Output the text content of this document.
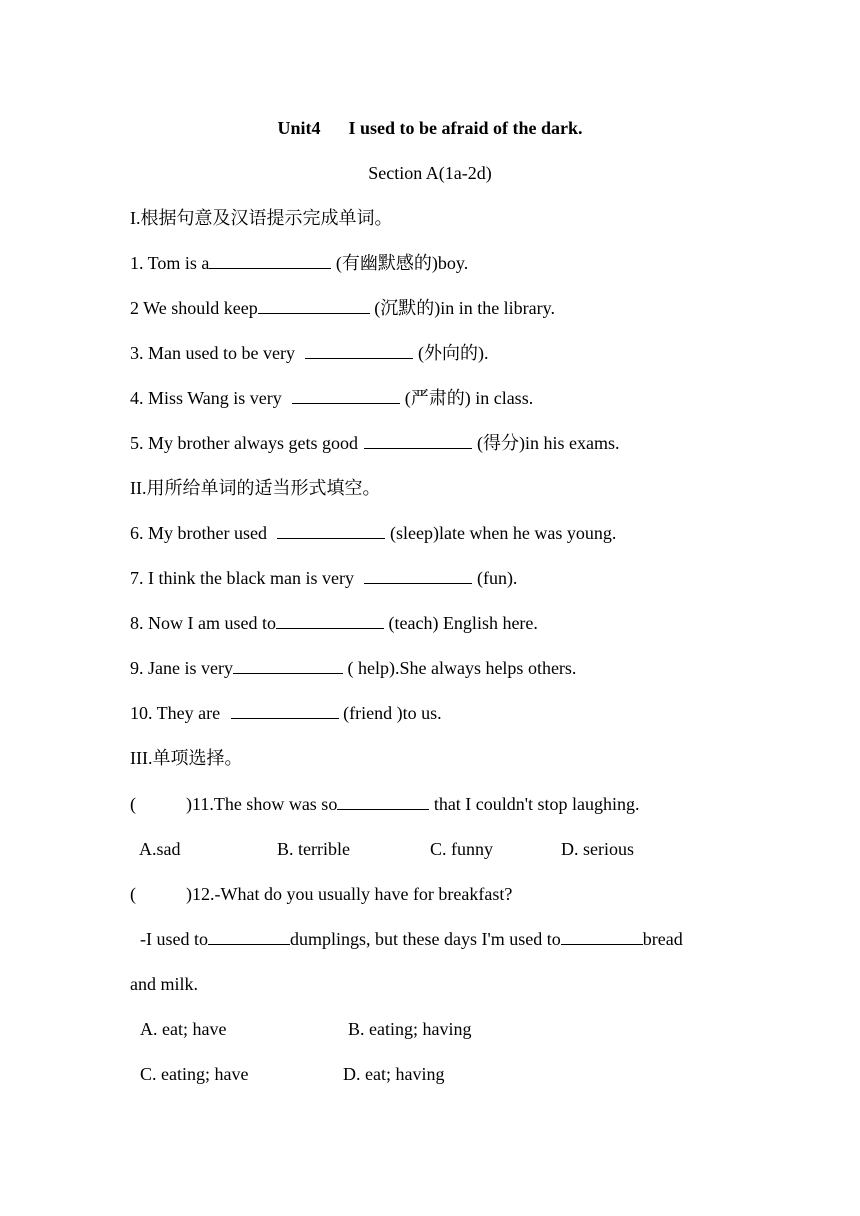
Unit4 I used to be afraid of the dark.
Section A(1a-2d)
I.根据句意及汉语提示完成单词。
1. Tom is a	(有幽默感的)boy.
2 We should keep	(沉默的)in in the library.
3. Man used to be very	(外向的).
4. Miss Wang is very	(严肃的) in class.
5. My brother always gets good	(得分)in his exams.
II.用所给单词的适当形式填空。
6. My brother used	(sleep)late when he was young.
7. I think the black man is very	(fun).
8. Now I am used to	(teach) English here.
9. Jane is very	( help).She always helps others.
10. They are	(friend )to us.
III.单项选择。
(	)11.The show was so	that I couldn't stop laughing.
A.sad	B. terrible	C. funny	D. serious
(	)12.-What do you usually have for breakfast?
-I used to	dumplings, but these days I'm used to	bread
and milk.
A. eat; have	B. eating; having
C. eating; have	D. eat; having
